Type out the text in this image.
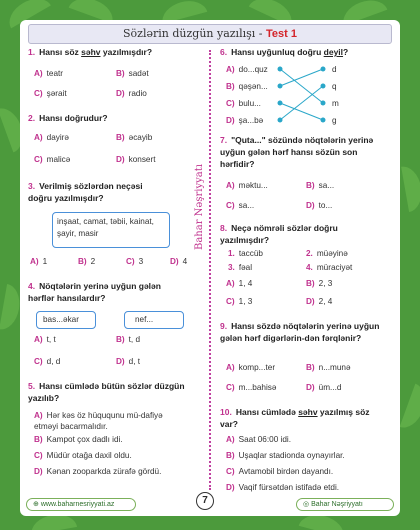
Sözlərin düzgün yazılışı - Test 1
Bahar Nəşriyyatı
1. Hansı söz səhv yazılmışdır?
A) teatr	B) sadət
C) şərait	D) radio
2. Hansı doğrudur?
A) dayirə	B) əcayib
C) malicə	D) konsert
3. Verilmiş sözlərdən neçəsi doğru yazılmışdır?
inşaat, camat, təbii, kainat, şayir, masir
A) 1	B) 2	C) 3	D) 4
4. Nöqtələrin yerinə uyğun gələn hərflər hansılardır?
bas...əkar	nef...
A) t, t	B) t, d
C) d, d	D) d, t
5. Hansı cümlədə bütün sözlər düzgün yazılıb?
A) Hər kəs öz hüququnu mü-dafiyə etməyi bacarmalıdır.
B) Kampot çox dadlı idi.
C) Müdür otağa daxil oldu.
D) Kənan zooparkda zürafə gördü.
6. Hansı uyğunluq doğru deyil?
A) do...quz
B) qəşən...
C) bulu...
D) şa...bə
d
q
m
g
7. "Quta..." sözündə nöqtələrin yerinə uyğun gələn hərf hansı sözün son hərfidir?
A) məktu...	B) sa...
C) sa...	D) to...
8. Neçə nömrəli sözlər doğru yazılmışdır?
1. taccüb	2. müəyinə
3. fəal	4. müraciyət
A) 1, 4	B) 2, 3
C) 1, 3	D) 2, 4
9. Hansı sözdə nöqtələrin yerinə uyğun gələn hərf digərlərin-dən fərqlənir?
A) komp...ter	B) n...munə
C) m...bahisə	D) üm...d
10. Hansı cümlədə səhv yazılmış söz var?
A) Saat 06:00 idi.
B) Uşaqlar stadionda oynayırlar.
C) Avtamobil birdən dayandı.
D) Vaqif fürsətdən istifadə etdi.
⊕ www.baharnesriyyati.az	7	◎ Bahar Nəşriyyatı
